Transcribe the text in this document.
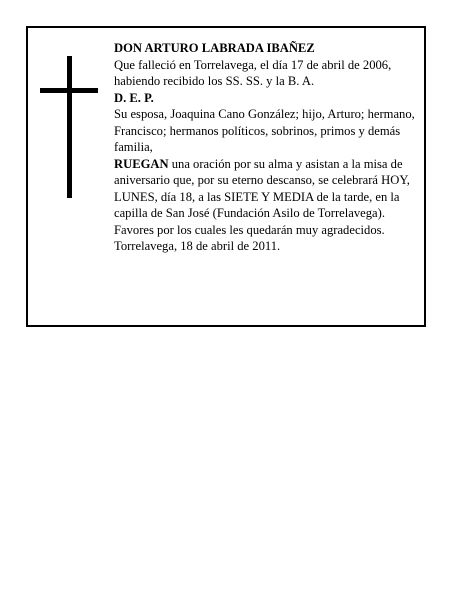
DON ARTURO LABRADA IBAÑEZ

Que falleció en Torrelavega, el día 17 de abril de 2006, habiendo recibido los SS. SS. y la B. A.

D. E. P.

Su esposa, Joaquina Cano González; hijo, Arturo; hermano, Francisco; hermanos políticos, sobrinos, primos y demás familia,

RUEGAN una oración por su alma y asistan a la misa de aniversario que, por su eterno descanso, se celebrará HOY, LUNES, día 18, a las SIETE Y MEDIA de la tarde, en la capilla de San José (Fundación Asilo de Torrelavega). Favores por los cuales les quedarán muy agradecidos.

Torrelavega, 18 de abril de 2011.
